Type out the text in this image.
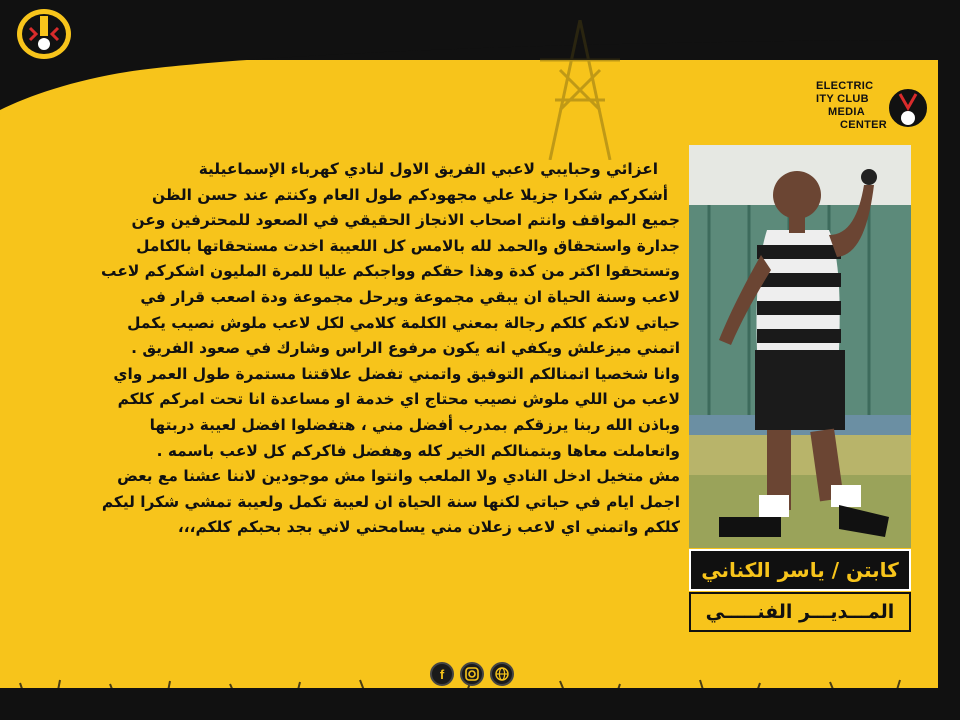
ELECTRIC
ITY CLUB
MEDIA
CENTER

اعزائي وحبايبي لاعبي الفريق الاول لنادي كهرباء الإسماعيلية

أشكركم شكرا جزيلا علي مجهودكم طول العام وكنتم عند حسن الظن

جميع المواقف وانتم اصحاب الانجاز الحقيقي في الصعود للمحترفين وعن

جدارة واستحقاق والحمد لله بالامس كل اللعيبة اخدت مستحقاتها بالكامل

وتستحقوا اكتر من كدة وهذا حقكم وواجبكم عليا للمرة المليون اشكركم لاعب

لاعب وسنة الحياة ان يبقي مجموعة ويرحل مجموعة ودة اصعب قرار في

حياتي لانكم كلكم رجالة بمعني الكلمة كلامي لكل لاعب ملوش نصيب يكمل

اتمني ميزعلش ويكفي انه يكون مرفوع الراس وشارك في صعود الفريق .

وانا شخصيا اتمنالكم التوفيق واتمني تفضل علاقتنا مستمرة طول العمر واي

لاعب من اللي ملوش نصيب محتاج اي خدمة او مساعدة انا تحت امركم كلكم

وباذن الله ربنا يرزقكم بمدرب أفضل مني ، هتفضلوا افضل لعيبة دربتها

واتعاملت معاها وبتمنالكم الخير كله وهفضل فاكركم كل لاعب باسمه .

مش متخيل ادخل النادي ولا الملعب وانتوا مش موجودين لاننا عشنا مع بعض

اجمل ايام في حياتي لكنها سنة الحياة ان لعيبة تكمل ولعيبة تمشي شكرا ليكم

كلكم واتمني اي لاعب زعلان مني يسامحني لاني بجد بحبكم كلكم،،،

كابتن / ياسر الكناني
المـــديـــر الفنـــــي
f
